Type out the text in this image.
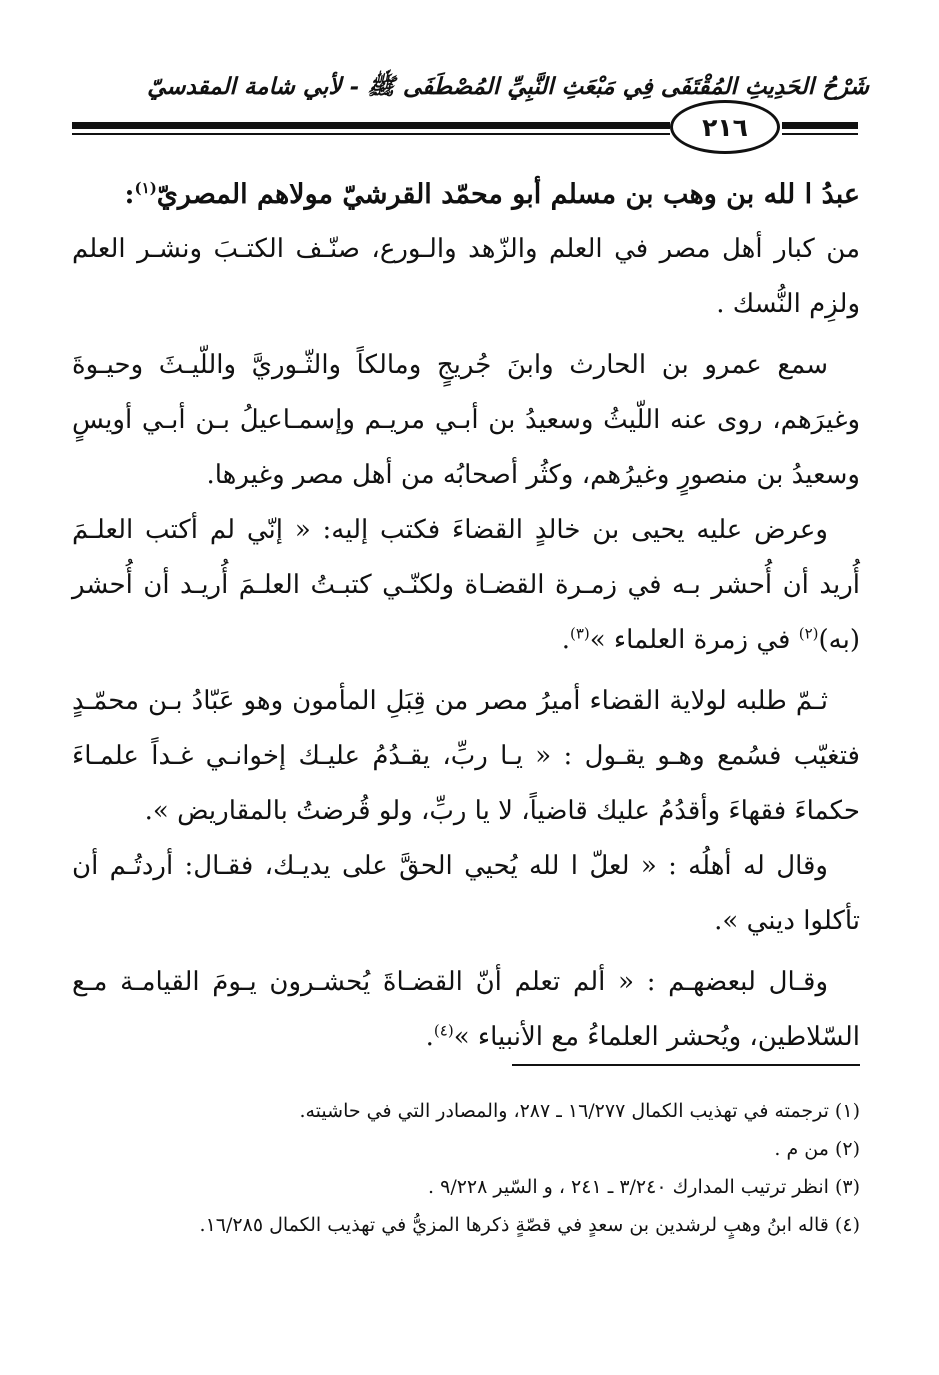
شَرْحُ الحَدِيثِ المُقْتَفَى فِي مَبْعَثِ النَّبِيِّ المُصْطَفَى ﷺ - لأبي شامة المقدسيّ
٢١٦

عبدُ ا لله بن وهب بن مسلم أبو محمّد القرشيّ مولاهم المصريّ$^{(١)}$:

من كبار أهل مصر في العلم والزّهد والـورع، صنّـف الكتـبَ ونشـر العلم ولزِم النُّسك .

سمع عمرو بن الحارث وابنَ جُريجٍ ومالكاً والثّـوريَّ واللّيـثَ وحيـوةَ وغيرَهم، روى عنه اللّيثُ وسعيدُ بن أبـي مريـم وإسمـاعيلُ بـن أبـي أويسٍ وسعيدُ بن منصورٍ وغيرُهم، وكثُر أصحابُه من أهل مصر وغيرها.

وعرض عليه يحيى بن خالدٍ القضاءَ فكتب إليه: « إنّي لم أكتب العلـمَ أُريد أن أُحشر بـه في زمـرة القضـاة ولكنّـي كتبـتُ العلـمَ أُريـد أن أُحشر (به)$^{(٢)}$ في زمرة العلماء »$^{(٣)}$.

ثـمّ طلبه لولاية القضاء أميرُ مصر من قِبَلِ المأمون وهو عَبّادُ بـن محمّـدٍ فتغيّب فسُمع وهـو يقـول : « يـا ربِّ، يقـدُمُ عليـك إخوانـي غـداً علمـاءَ حكماءَ فقهاءَ وأقدُمُ عليك قاضياً، لا يا ربِّ، ولو قُرضتُ بالمقاريض ».

وقال له أهلُه : « لعلّ ا لله يُحيي الحقَّ على يديـك، فقـال: أردتُـم أن تأكلوا ديني ».

وقـال لبعضهـم : « ألم تعلم أنّ القضـاةَ يُحشـرون يـومَ القيامـة مـع السّلاطين، ويُحشر العلماءُ مع الأنبياء »$^{(٤)}$.

(١) ترجمته في تهذيب الكمال ١٦/٢٧٧ ـ ٢٨٧، والمصادر التي في حاشيته.

(٢) من م .

(٣) انظر ترتيب المدارك ٣/٢٤٠ ـ ٢٤١ ، و السّير ٩/٢٢٨ .

(٤) قاله ابنُ وهبٍ لرشدين بن سعدٍ في قصّةٍ ذكرها المزيُّ في تهذيب الكمال ١٦/٢٨٥.
